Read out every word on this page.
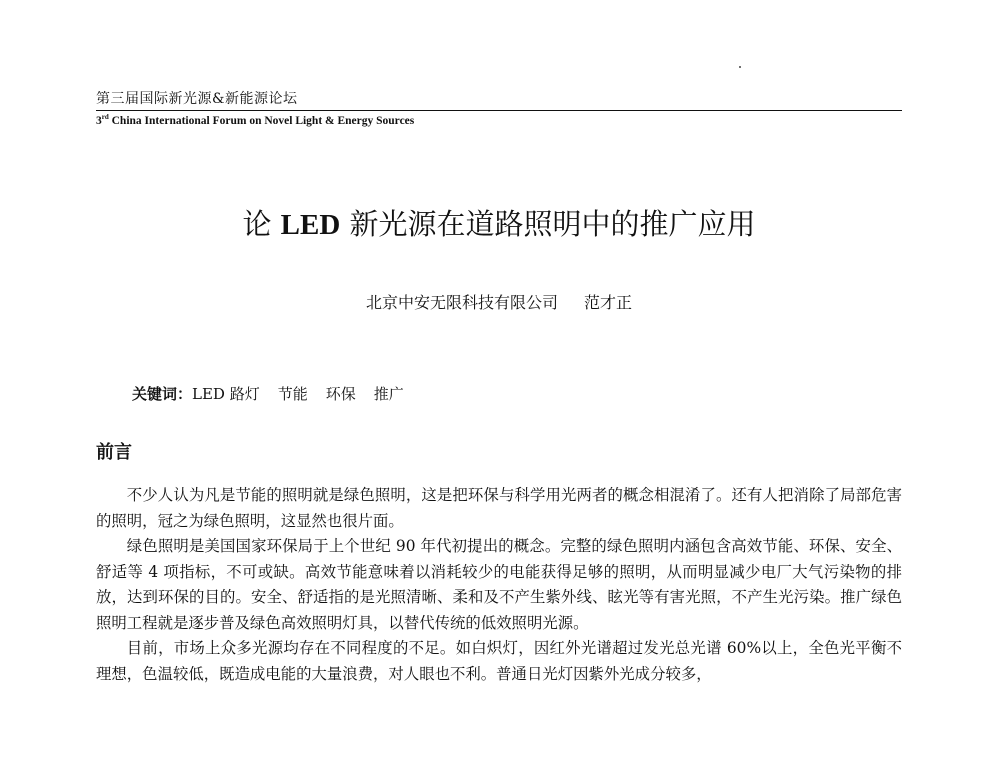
第三届国际新光源&新能源论坛
3rd China International Forum on Novel Light & Energy Sources
论 LED 新光源在道路照明中的推广应用
北京中安无限科技有限公司 范才正
关键词：LED 路灯 节能 环保 推广
前言

不少人认为凡是节能的照明就是绿色照明，这是把环保与科学用光两者的概念相混淆了。还有人把消除了局部危害的照明，冠之为绿色照明，这显然也很片面。

绿色照明是美国国家环保局于上个世纪 90 年代初提出的概念。完整的绿色照明内涵包含高效节能、环保、安全、舒适等 4 项指标，不可或缺。高效节能意味着以消耗较少的电能获得足够的照明，从而明显减少电厂大气污染物的排放，达到环保的目的。安全、舒适指的是光照清晰、柔和及不产生紫外线、眩光等有害光照，不产生光污染。推广绿色照明工程就是逐步普及绿色高效照明灯具，以替代传统的低效照明光源。

目前，市场上众多光源均存在不同程度的不足。如白炽灯，因红外光谱超过发光总光谱 60%以上，全色光平衡不理想，色温较低，既造成电能的大量浪费，对人眼也不利。普通日光灯因紫外光成分较多，
